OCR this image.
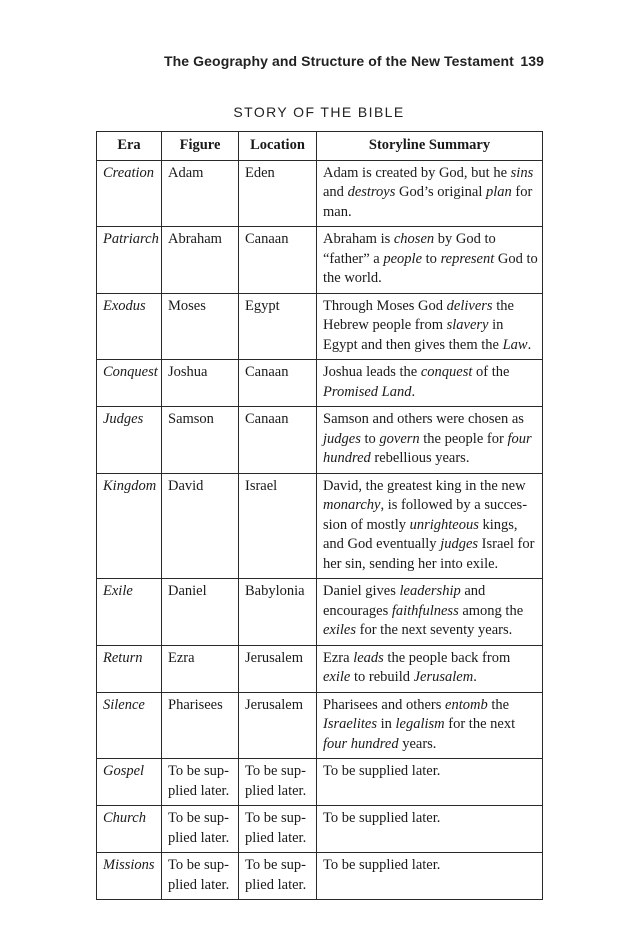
The Geography and Structure of the New Testament 139
STORY OF THE BIBLE
Era	Figure	Location	Storyline Summary
Creation	Adam	Eden	Adam is created by God, but he sins and destroys God’s original plan for man.
Patriarch	Abraham	Canaan	Abraham is chosen by God to “father” a people to represent God to the world.
Exodus	Moses	Egypt	Through Moses God delivers the Hebrew people from slavery in Egypt and then gives them the Law.
Conquest	Joshua	Canaan	Joshua leads the conquest of the Promised Land.
Judges	Samson	Canaan	Samson and others were chosen as judges to govern the people for four hundred rebellious years.
Kingdom	David	Israel	David, the greatest king in the new monarchy, is followed by a succes-sion of mostly unrighteous kings, and God eventually judges Israel for her sin, sending her into exile.
Exile	Daniel	Babylonia	Daniel gives leadership and encourages faithfulness among the exiles for the next seventy years.
Return	Ezra	Jerusalem	Ezra leads the people back from exile to rebuild Jerusalem.
Silence	Pharisees	Jerusalem	Pharisees and others entomb the Israelites in legalism for the next four hundred years.
Gospel	To be sup-plied later.	To be sup-plied later.	To be supplied later.
Church	To be sup-plied later.	To be sup-plied later.	To be supplied later.
Missions	To be sup-plied later.	To be sup-plied later.	To be supplied later.
